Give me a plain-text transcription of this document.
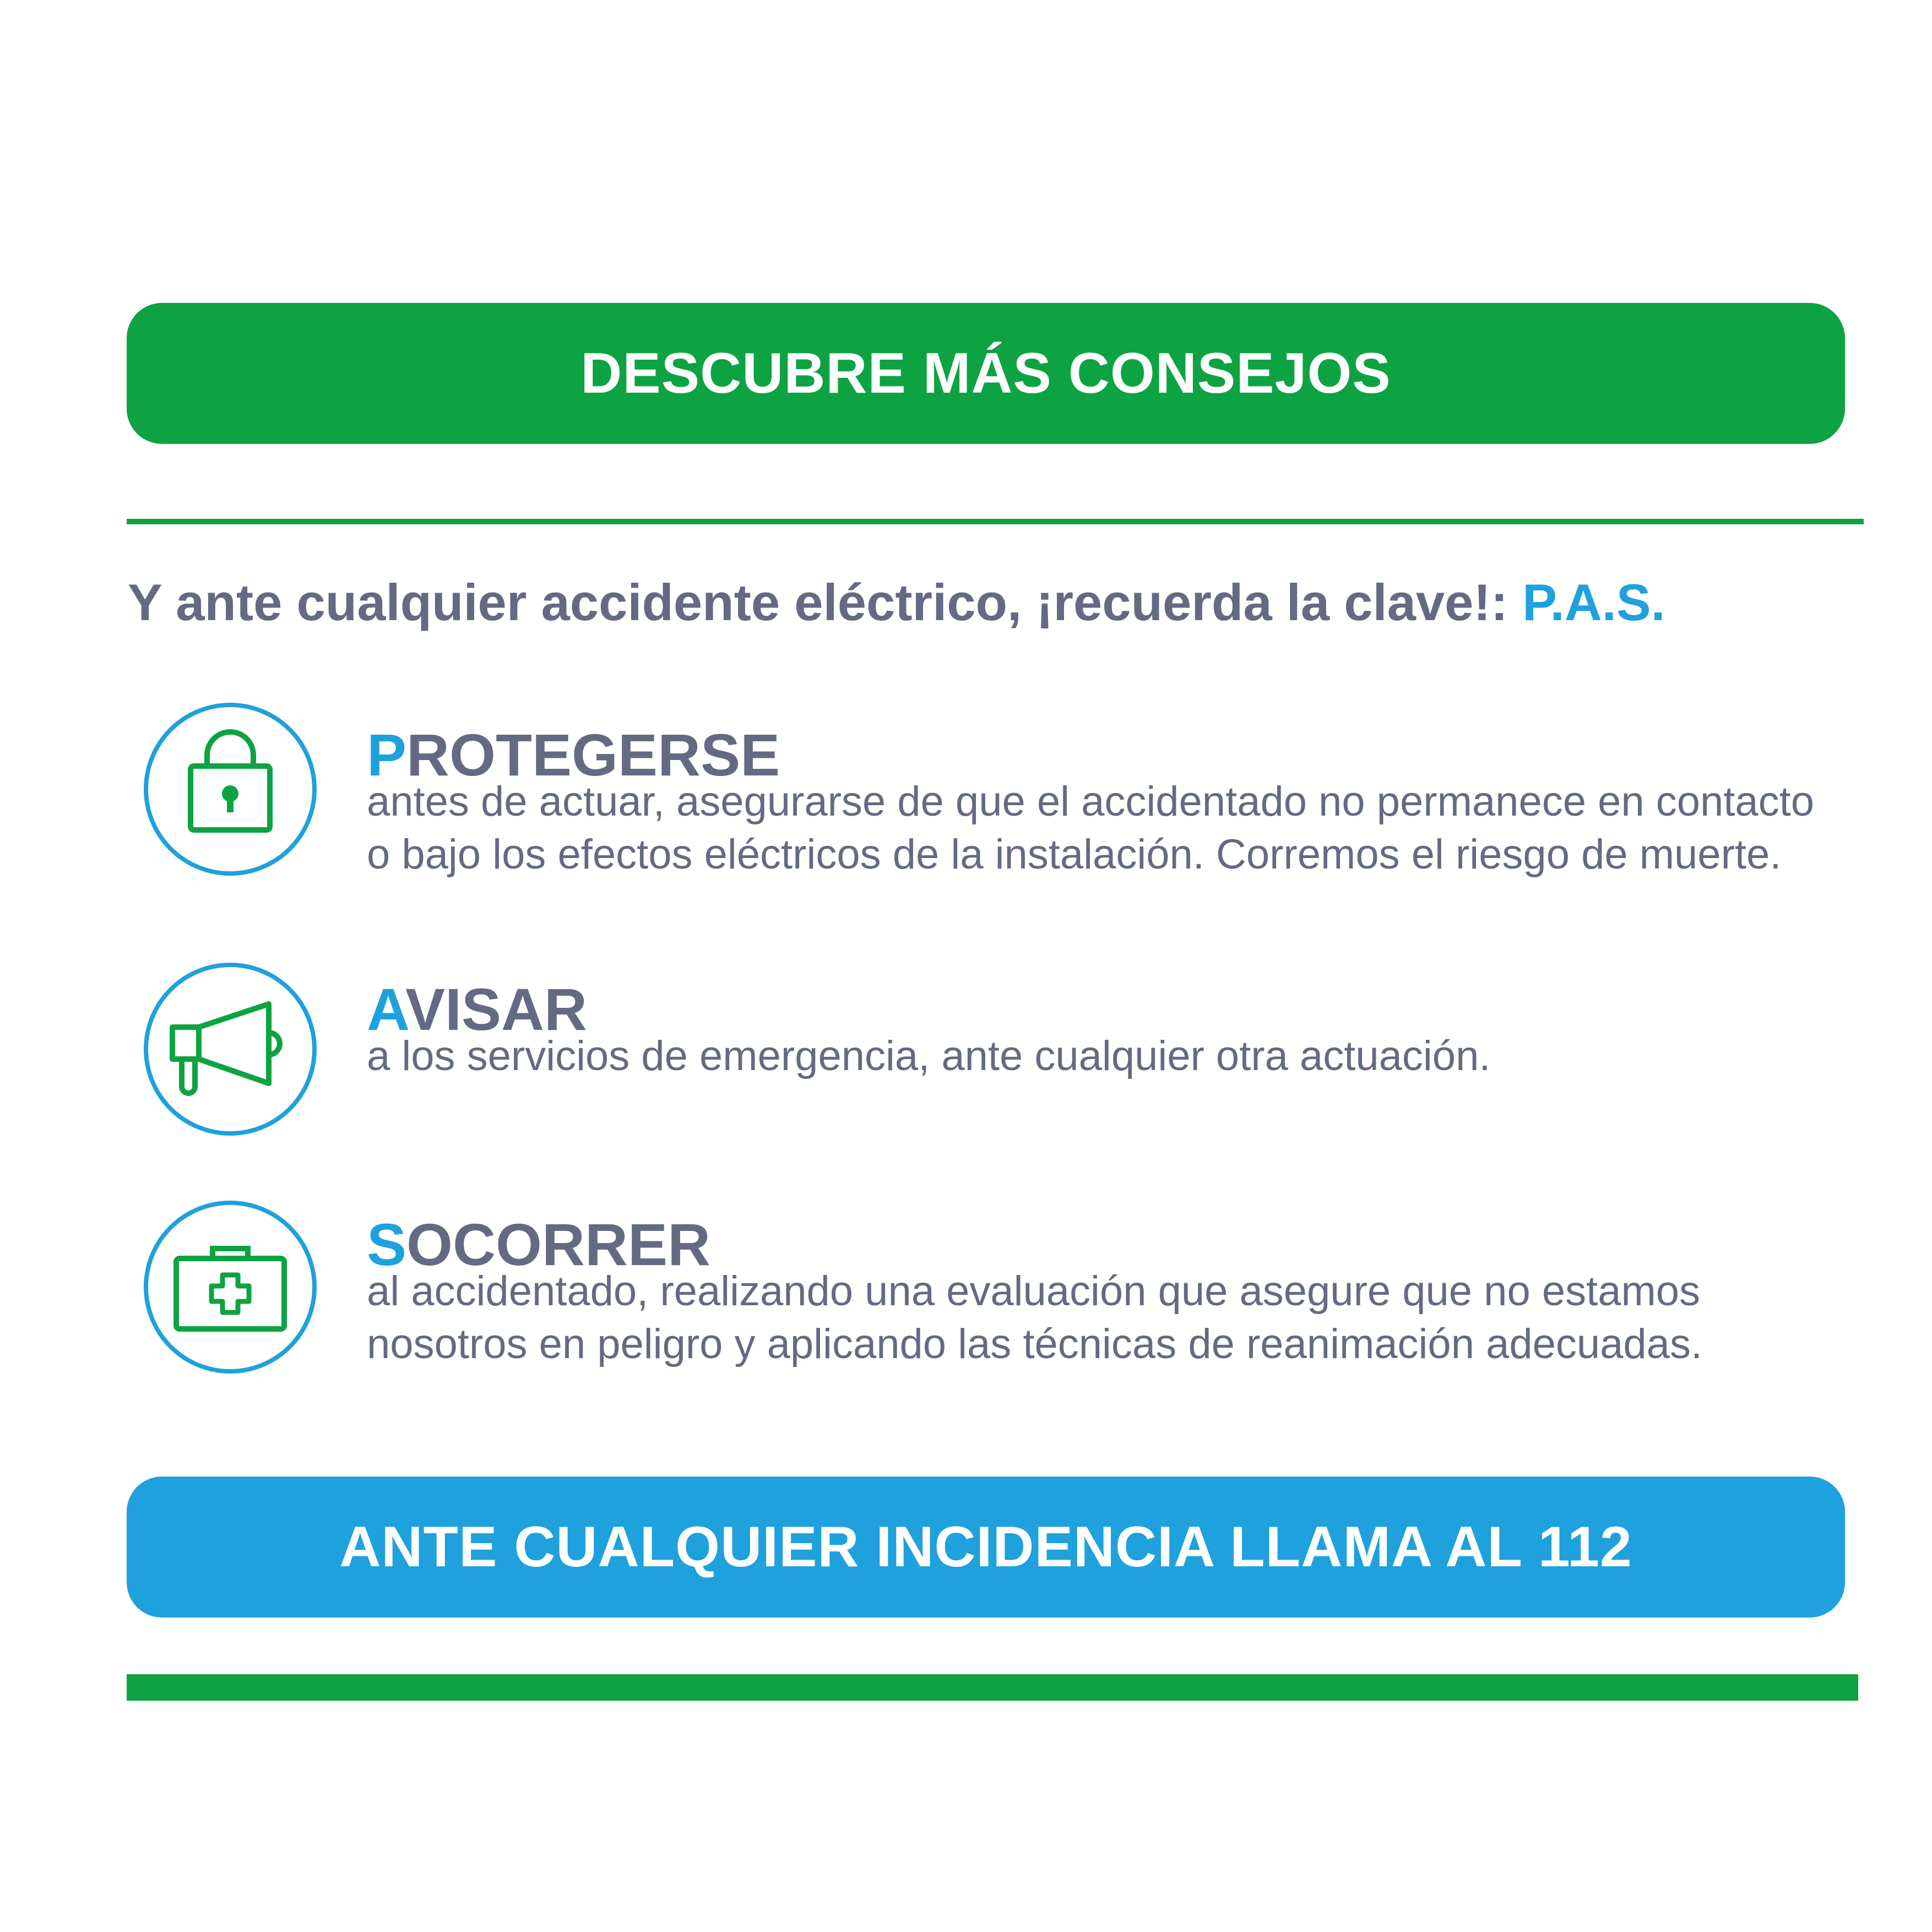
DESCUBRE MÁS CONSEJOS
Y ante cualquier accidente eléctrico, ¡recuerda la clave!: P.A.S.
PROTEGERSE
antes de actuar, asegurarse de que el accidentado no permanece en contacto o bajo los efectos eléctricos de la instalación. Corremos el riesgo de muerte.
AVISAR
a los servicios de emergencia, ante cualquier otra actuación.
SOCORRER
al accidentado, realizando una evaluación que asegure que no estamos nosotros en peligro y aplicando las técnicas de reanimación adecuadas.
ANTE CUALQUIER INCIDENCIA LLAMA AL 112
